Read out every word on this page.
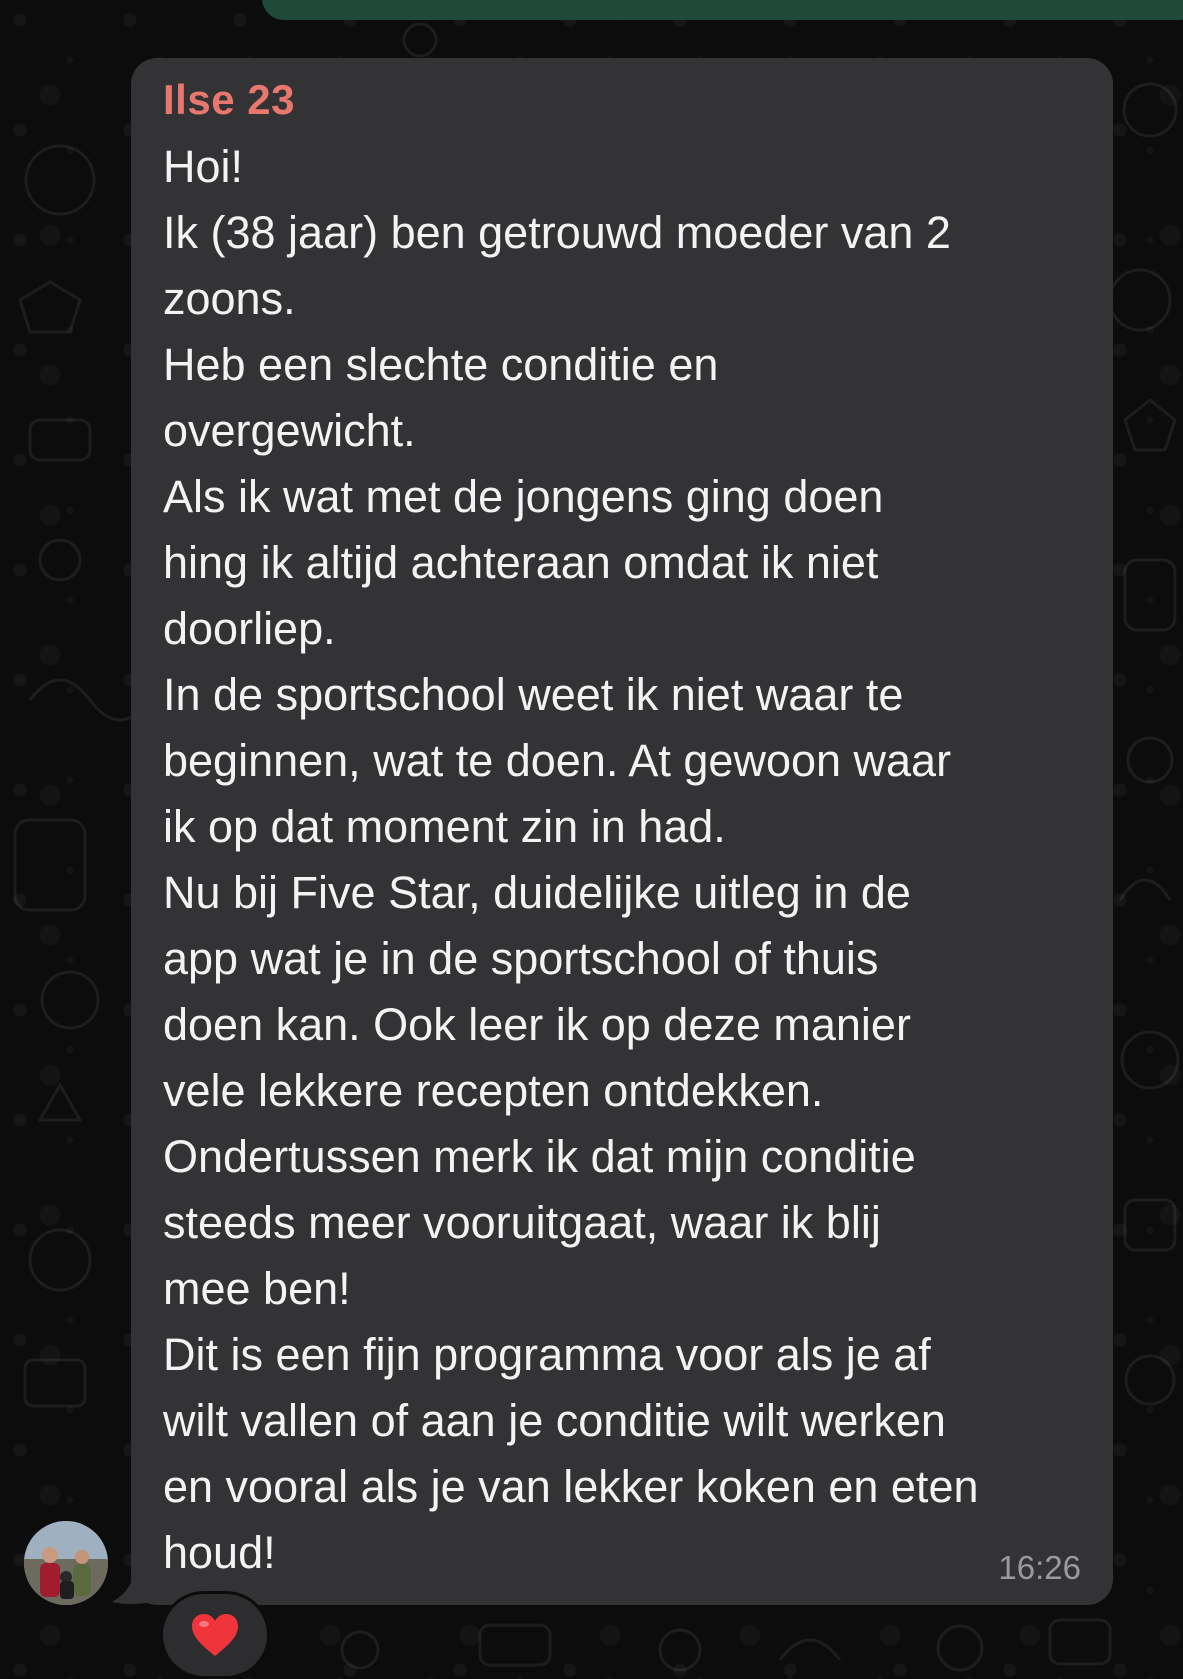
Ilse 23
Hoi!
Ik (38 jaar) ben getrouwd moeder van 2
zoons.
Heb een slechte conditie en
overgewicht.
Als ik wat met de jongens ging doen
hing ik altijd achteraan omdat ik niet
doorliep.
In de sportschool weet ik niet waar te
beginnen, wat te doen. At gewoon waar
ik op dat moment zin in had.
Nu bij Five Star, duidelijke uitleg in de
app wat je in de sportschool of thuis
doen kan. Ook leer ik op deze manier
vele lekkere recepten ontdekken.
Ondertussen merk ik dat mijn conditie
steeds meer vooruitgaat, waar ik blij
mee ben!
Dit is een fijn programma voor als je af
wilt vallen of aan je conditie wilt werken
en vooral als je van lekker koken en eten
houd!	16:26
